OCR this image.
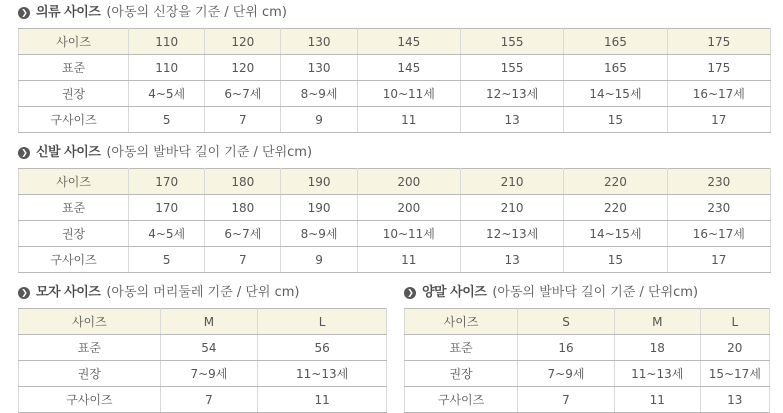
❯ 의류 사이즈 (아동의 신장을 기준 / 단위 cm)
사이즈	110	120	130	145	155	165	175
표준	110	120	130	145	155	165	175
권장	4~5세	6~7세	8~9세	10~11세	12~13세	14~15세	16~17세
구사이즈	5	7	9	11	13	15	17
❯ 신발 사이즈 (아동의 발바닥 길이 기준 / 단위cm)
사이즈	170	180	190	200	210	220	230
표준	170	180	190	200	210	220	230
권장	4~5세	6~7세	8~9세	10~11세	12~13세	14~15세	16~17세
구사이즈	5	7	9	11	13	15	17
❯ 모자 사이즈 (아동의 머리둘레 기준 / 단위 cm)
사이즈	M	L
표준	54	56
권장	7~9세	11~13세
구사이즈	7	11
❯ 양말 사이즈 (아동의 발바닥 길이 기준 / 단위cm)
사이즈	S	M	L
표준	16	18	20
권장	7~9세	11~13세	15~17세
구사이즈	7	11	13
